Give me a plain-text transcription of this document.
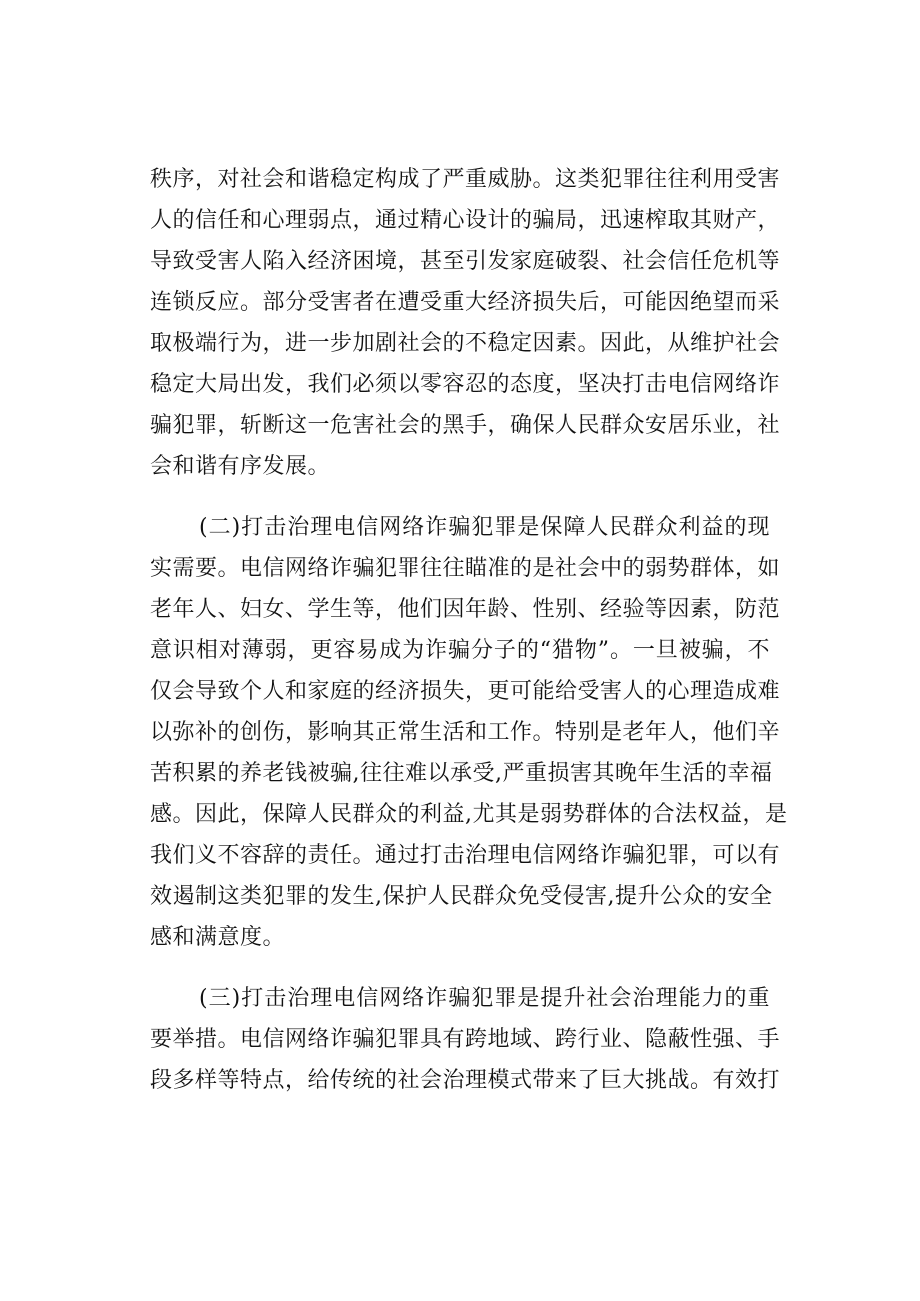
秩序，对社会和谐稳定构成了严重威胁。这类犯罪往往利用受害
人的信任和心理弱点，通过精心设计的骗局，迅速榨取其财产，
导致受害人陷入经济困境，甚至引发家庭破裂、社会信任危机等
连锁反应。部分受害者在遭受重大经济损失后，可能因绝望而采
取极端行为，进一步加剧社会的不稳定因素。因此，从维护社会
稳定大局出发，我们必须以零容忍的态度，坚决打击电信网络诈
骗犯罪，斩断这一危害社会的黑手，确保人民群众安居乐业，社
会和谐有序发展。
(二)打击治理电信网络诈骗犯罪是保障人民群众利益的现
实需要。电信网络诈骗犯罪往往瞄准的是社会中的弱势群体，如
老年人、妇女、学生等，他们因年龄、性别、经验等因素，防范
意识相对薄弱，更容易成为诈骗分子的“猎物”。一旦被骗，不
仅会导致个人和家庭的经济损失，更可能给受害人的心理造成难
以弥补的创伤，影响其正常生活和工作。特别是老年人，他们辛
苦积累的养老钱被骗,往往难以承受,严重损害其晚年生活的幸福
感。因此，保障人民群众的利益,尤其是弱势群体的合法权益，是
我们义不容辞的责任。通过打击治理电信网络诈骗犯罪，可以有
效遏制这类犯罪的发生,保护人民群众免受侵害,提升公众的安全
感和满意度。
(三)打击治理电信网络诈骗犯罪是提升社会治理能力的重
要举措。电信网络诈骗犯罪具有跨地域、跨行业、隐蔽性强、手
段多样等特点，给传统的社会治理模式带来了巨大挑战。有效打
